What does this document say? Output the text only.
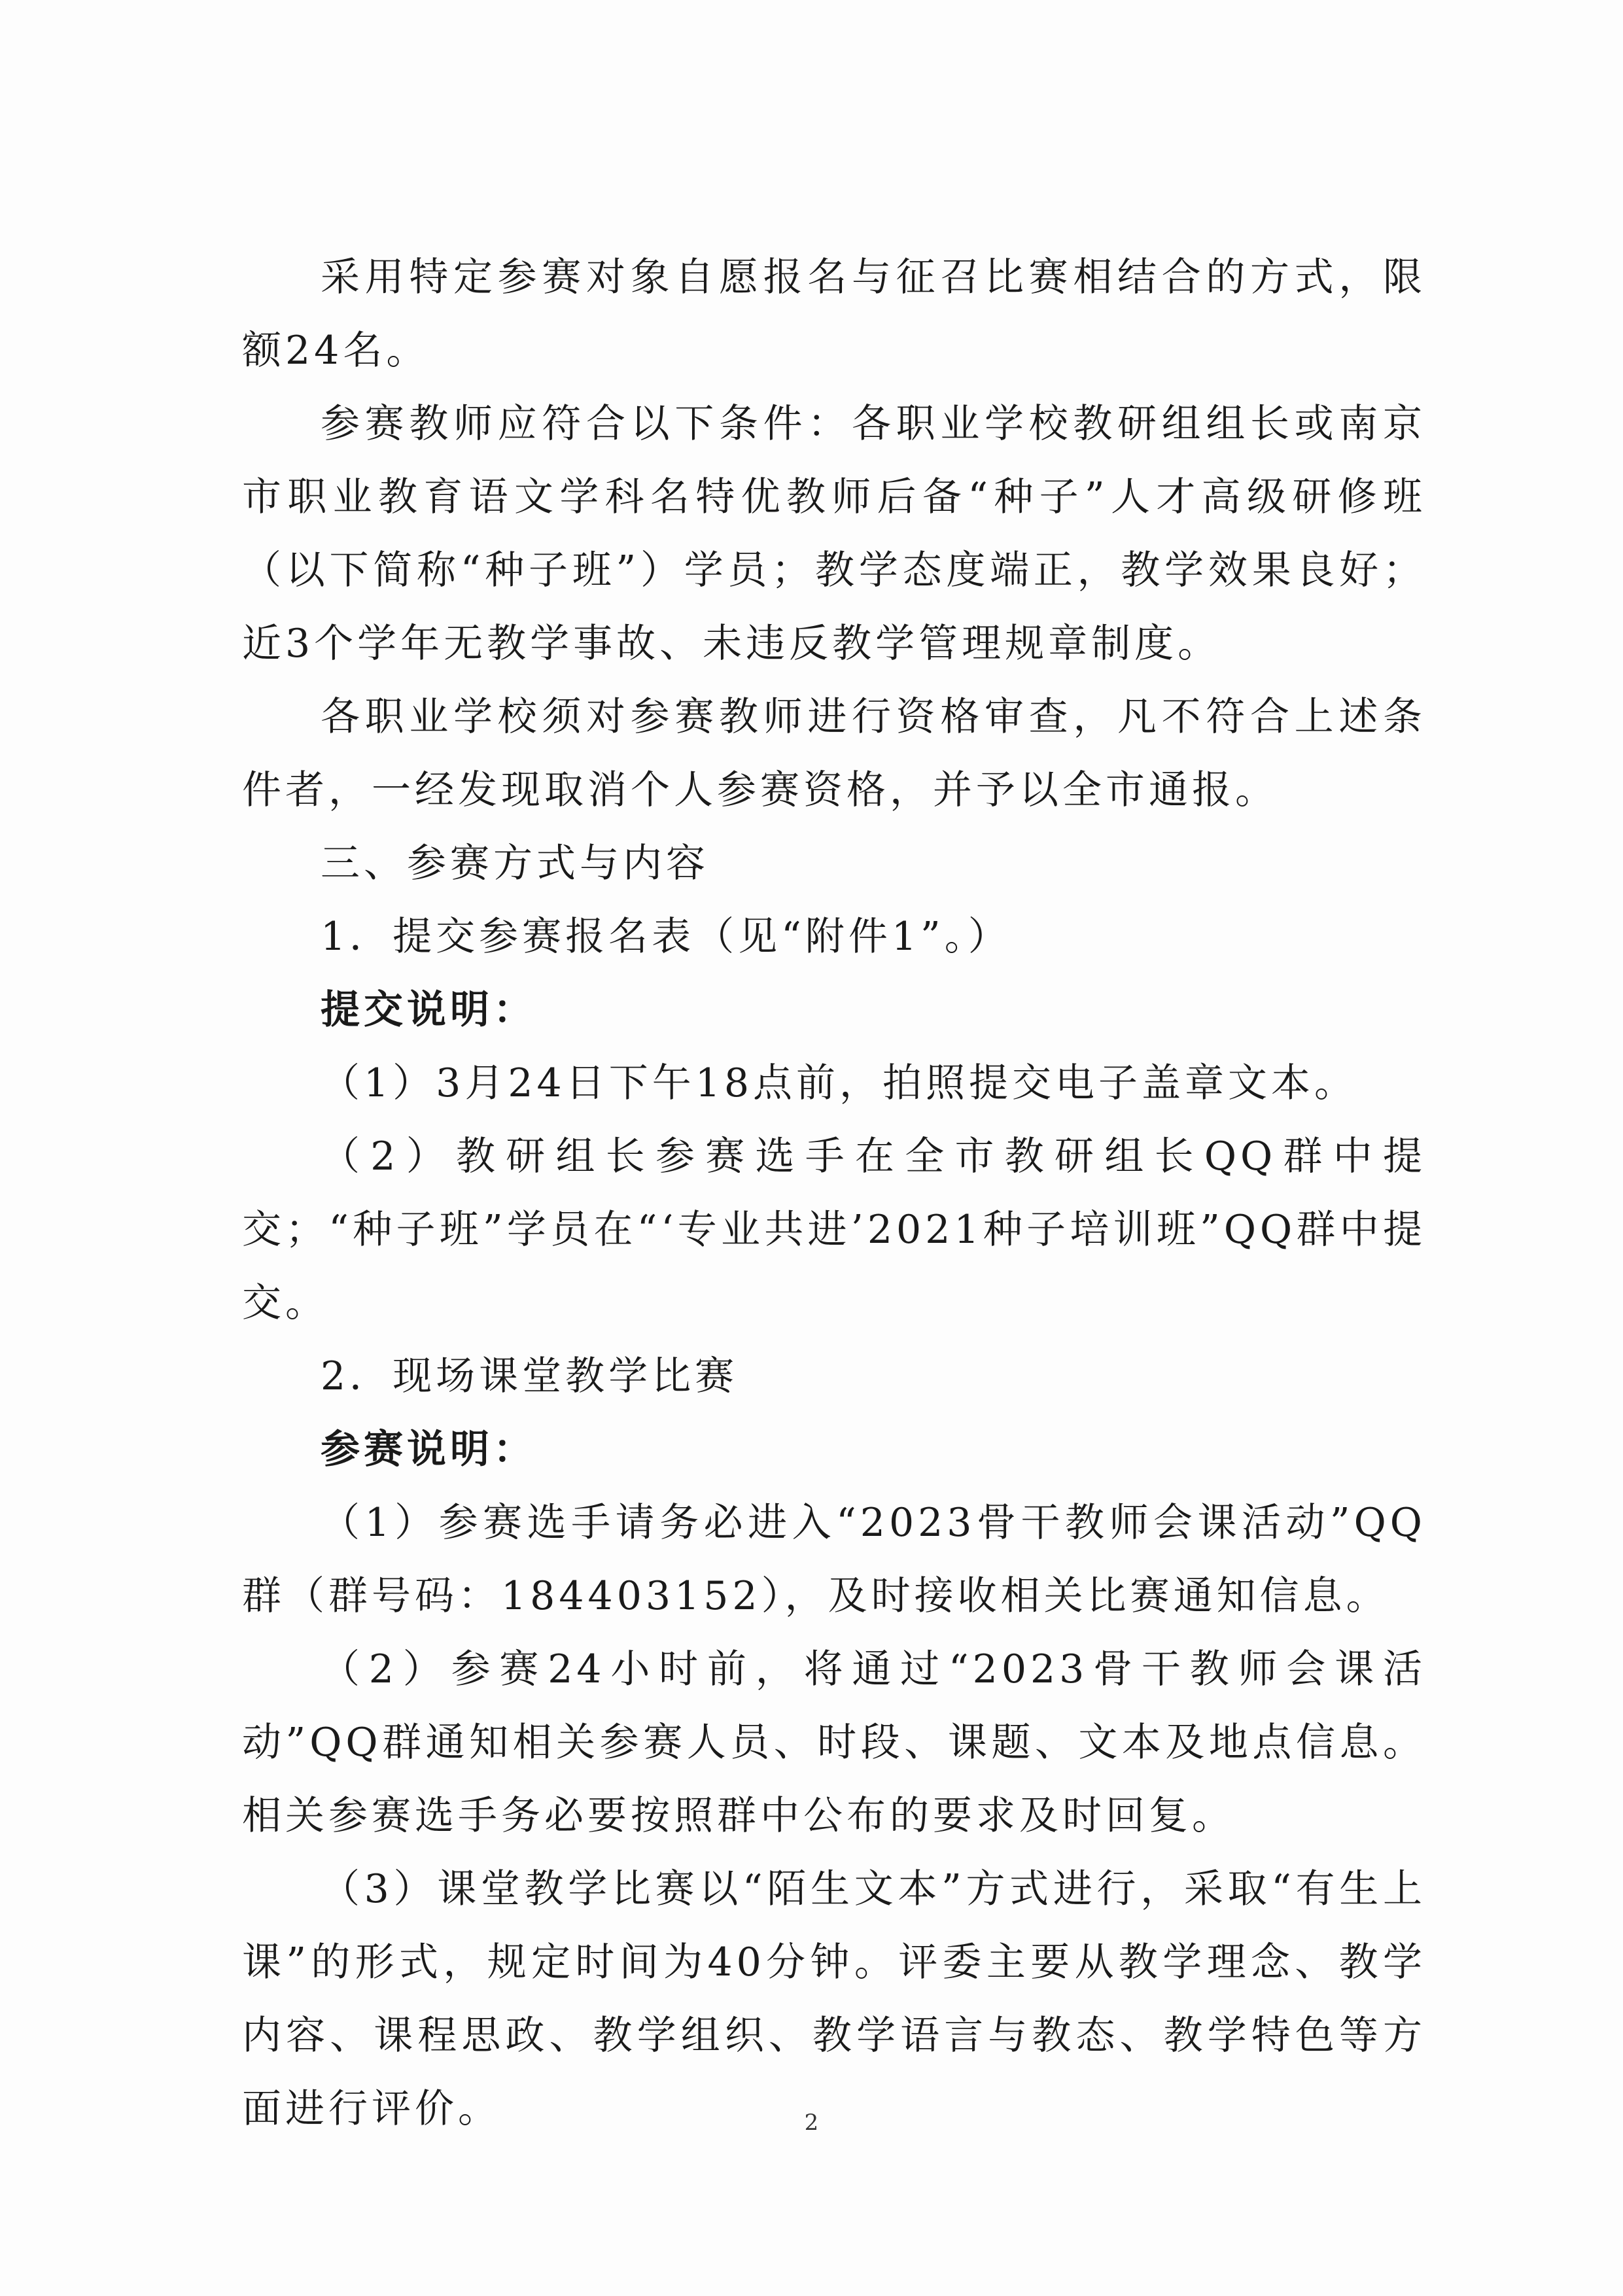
采用特定参赛对象自愿报名与征召比赛相结合的方式，限额24名。

参赛教师应符合以下条件：各职业学校教研组组长或南京市职业教育语文学科名特优教师后备“种子”人才高级研修班（以下简称“种子班”）学员；教学态度端正，教学效果良好；近3个学年无教学事故、未违反教学管理规章制度。

各职业学校须对参赛教师进行资格审查，凡不符合上述条件者，一经发现取消个人参赛资格，并予以全市通报。

三、参赛方式与内容

1．提交参赛报名表（见“附件1”。）

提交说明：

（1）3月24日下午18点前，拍照提交电子盖章文本。

（2）教研组长参赛选手在全市教研组长QQ群中提交；“种子班”学员在“‘专业共进’2021种子培训班”QQ群中提交。

2．现场课堂教学比赛

参赛说明：

（1）参赛选手请务必进入“2023骨干教师会课活动”QQ群（群号码：184403152），及时接收相关比赛通知信息。

（2）参赛24小时前，将通过“2023骨干教师会课活动”QQ群通知相关参赛人员、时段、课题、文本及地点信息。相关参赛选手务必要按照群中公布的要求及时回复。

（3）课堂教学比赛以“陌生文本”方式进行，采取“有生上课”的形式，规定时间为40分钟。评委主要从教学理念、教学内容、课程思政、教学组织、教学语言与教态、教学特色等方面进行评价。	2
